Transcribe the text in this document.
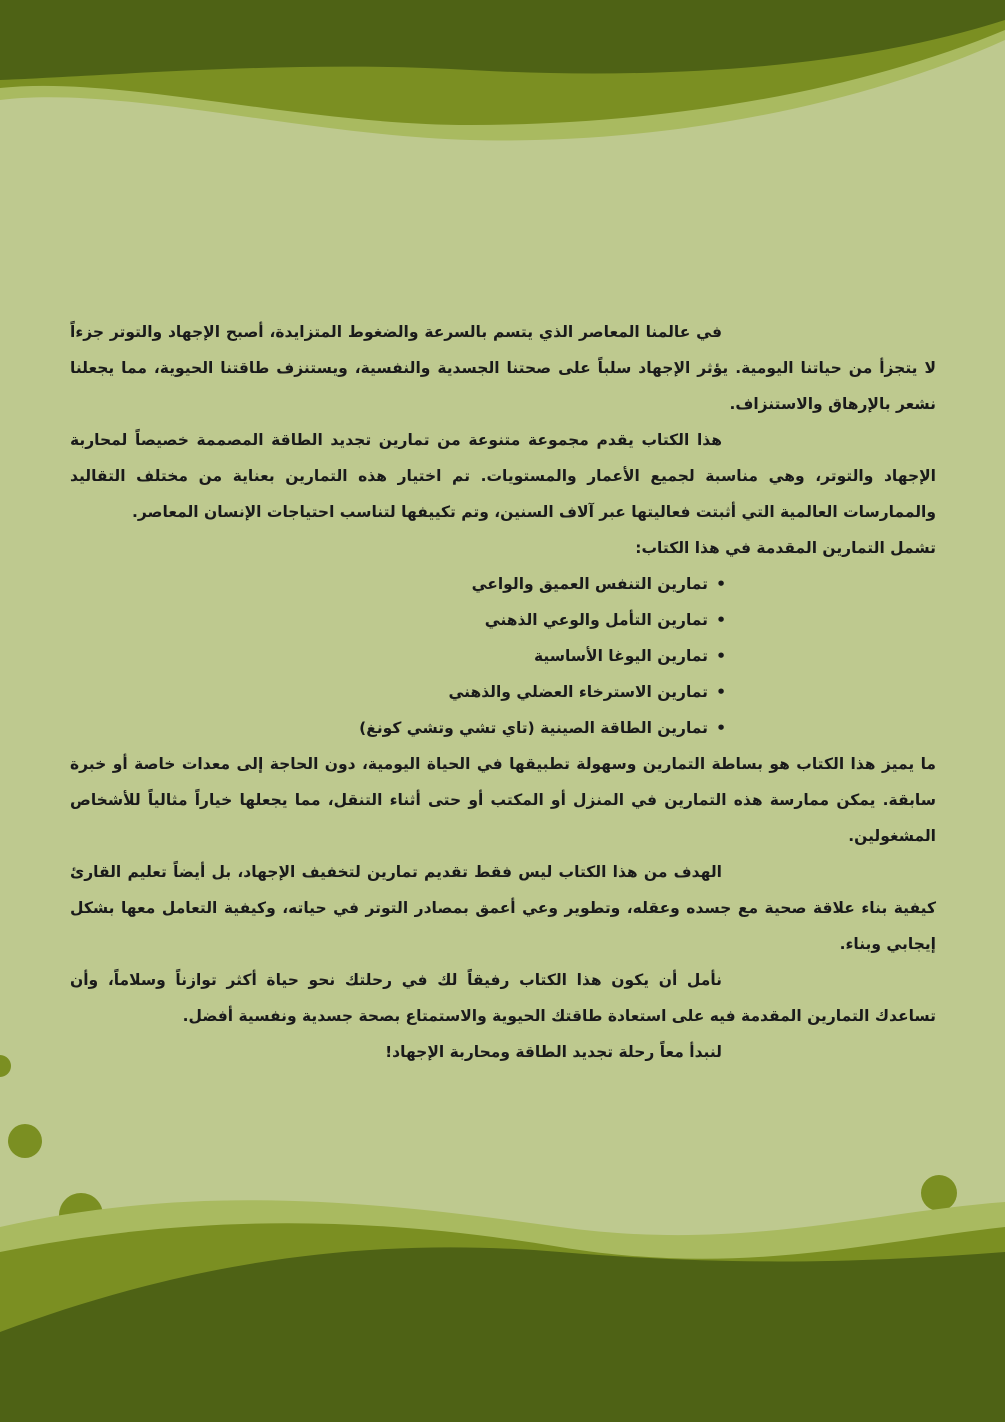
في عالمنا المعاصر الذي يتسم بالسرعة والضغوط المتزايدة، أصبح الإجهاد والتوتر جزءاً لا يتجزأ من حياتنا اليومية. يؤثر الإجهاد سلباً على صحتنا الجسدية والنفسية، ويستنزف طاقتنا الحيوية، مما يجعلنا نشعر بالإرهاق والاستنزاف.

هذا الكتاب يقدم مجموعة متنوعة من تمارين تجديد الطاقة المصممة خصيصاً لمحاربة الإجهاد والتوتر، وهي مناسبة لجميع الأعمار والمستويات. تم اختيار هذه التمارين بعناية من مختلف التقاليد والممارسات العالمية التي أثبتت فعاليتها عبر آلاف السنين، وتم تكييفها لتناسب احتياجات الإنسان المعاصر.

تشمل التمارين المقدمة في هذا الكتاب:

• تمارين التنفس العميق والواعي
• تمارين التأمل والوعي الذهني
• تمارين اليوغا الأساسية
• تمارين الاسترخاء العضلي والذهني
• تمارين الطاقة الصينية (تاي تشي وتشي كونغ)

ما يميز هذا الكتاب هو بساطة التمارين وسهولة تطبيقها في الحياة اليومية، دون الحاجة إلى معدات خاصة أو خبرة سابقة. يمكن ممارسة هذه التمارين في المنزل أو المكتب أو حتى أثناء التنقل، مما يجعلها خياراً مثالياً للأشخاص المشغولين.

الهدف من هذا الكتاب ليس فقط تقديم تمارين لتخفيف الإجهاد، بل أيضاً تعليم القارئ كيفية بناء علاقة صحية مع جسده وعقله، وتطوير وعي أعمق بمصادر التوتر في حياته، وكيفية التعامل معها بشكل إيجابي وبناء.

نأمل أن يكون هذا الكتاب رفيقاً لك في رحلتك نحو حياة أكثر توازناً وسلاماً، وأن تساعدك التمارين المقدمة فيه على استعادة طاقتك الحيوية والاستمتاع بصحة جسدية ونفسية أفضل.

لنبدأ معاً رحلة تجديد الطاقة ومحاربة الإجهاد!
